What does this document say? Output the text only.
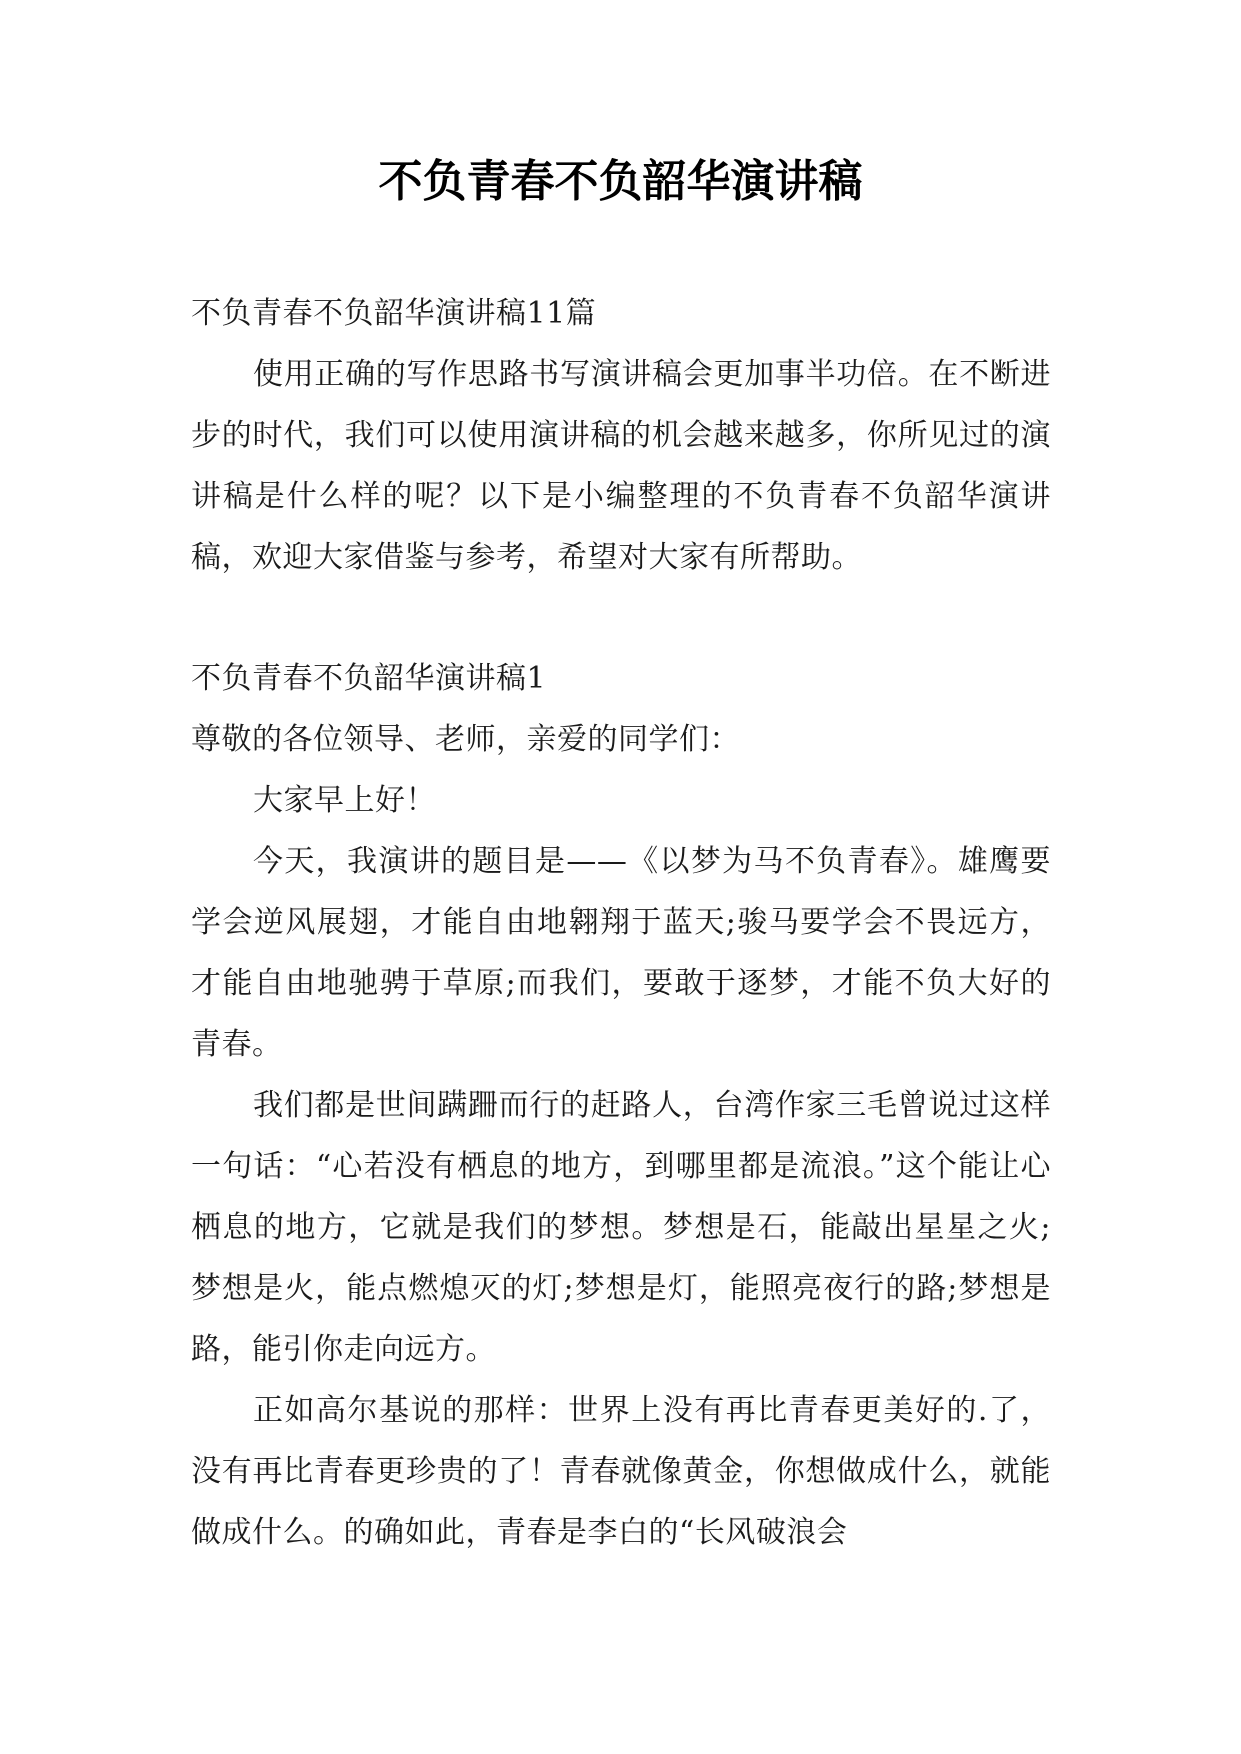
不负青春不负韶华演讲稿

不负青春不负韶华演讲稿11篇

使用正确的写作思路书写演讲稿会更加事半功倍。在不断进步的时代，我们可以使用演讲稿的机会越来越多，你所见过的演讲稿是什么样的呢？以下是小编整理的不负青春不负韶华演讲稿，欢迎大家借鉴与参考，希望对大家有所帮助。

不负青春不负韶华演讲稿1

尊敬的各位领导、老师，亲爱的同学们：

大家早上好！

今天，我演讲的题目是——《以梦为马不负青春》。雄鹰要学会逆风展翅，才能自由地翱翔于蓝天;骏马要学会不畏远方，才能自由地驰骋于草原;而我们，要敢于逐梦，才能不负大好的青春。

我们都是世间蹒跚而行的赶路人，台湾作家三毛曾说过这样一句话：“心若没有栖息的地方，到哪里都是流浪。”这个能让心栖息的地方，它就是我们的梦想。梦想是石，能敲出星星之火;梦想是火，能点燃熄灭的灯;梦想是灯，能照亮夜行的路;梦想是路，能引你走向远方。

正如高尔基说的那样：世界上没有再比青春更美好的.了，没有再比青春更珍贵的了！青春就像黄金，你想做成什么，就能做成什么。的确如此，青春是李白的“长风破浪会
